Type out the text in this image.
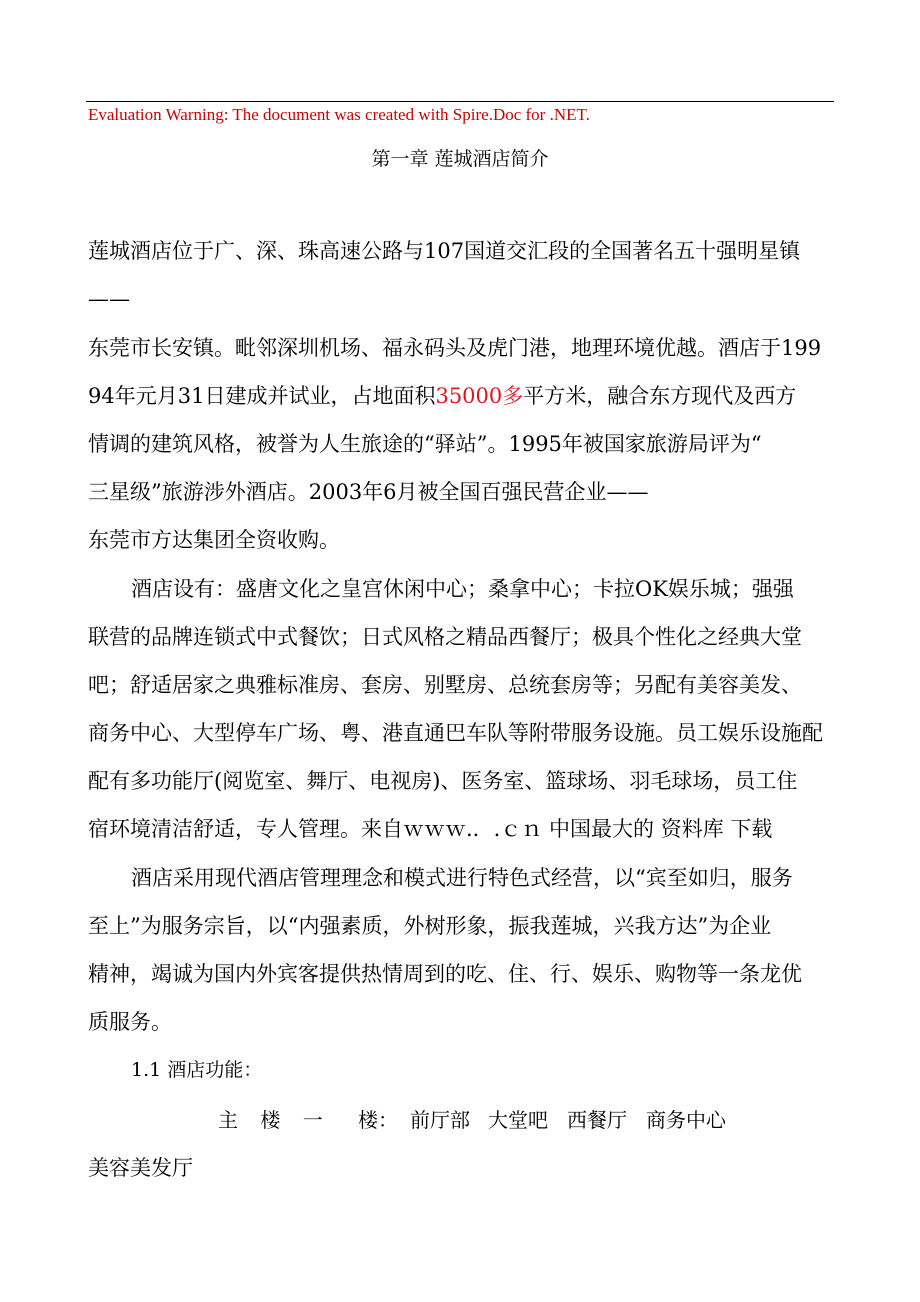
Evaluation Warning: The document was created with Spire.Doc for .NET.
第一章 莲城酒店简介
莲城酒店位于广、深、珠高速公路与107国道交汇段的全国著名五十强明星镇
——
东莞市长安镇。毗邻深圳机场、福永码头及虎门港，地理环境优越。酒店于199
94年元月31日建成并试业，占地面积35000多平方米，融合东方现代及西方
情调的建筑风格，被誉为人生旅途的“驿站”。1995年被国家旅游局评为“
三星级”旅游涉外酒店。2003年6月被全国百强民营企业——
东莞市方达集团全资收购。
酒店设有：盛唐文化之皇宫休闲中心；桑拿中心；卡拉OK娱乐城；强强
联营的品牌连锁式中式餐饮；日式风格之精品西餐厅；极具个性化之经典大堂
吧；舒适居家之典雅标准房、套房、别墅房、总统套房等；另配有美容美发、
商务中心、大型停车广场、粤、港直通巴车队等附带服务设施。员工娱乐设施配
配有多功能厅(阅览室、舞厅、电视房)、医务室、篮球场、羽毛球场，员工住
宿环境清洁舒适，专人管理。来自ｗｗｗ.．.ｃｎ 中国最大的 资料库 下载
酒店采用现代酒店管理理念和模式进行特色式经营，以“宾至如归，服务
至上”为服务宗旨，以“内强素质，外树形象，振我莲城，兴我方达”为企业
精神，竭诚为国内外宾客提供热情周到的吃、住、行、娱乐、购物等一条龙优
质服务。
1.1 酒店功能：
主 楼 一 楼： 前厅部 大堂吧 西餐厅 商务中心
美容美发厅
